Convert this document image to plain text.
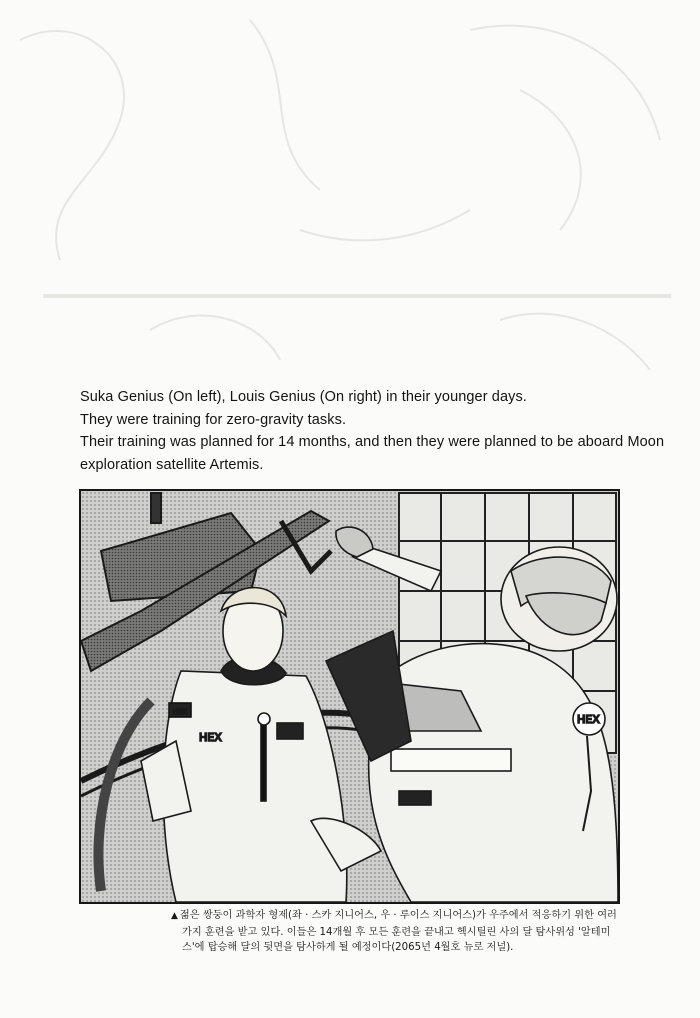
Suka Genius (On left), Louis Genius (On right) in their younger days.
They were training for zero-gravity tasks.
Their training was planned for 14 months, and then they were planned to be aboard Moon
exploration satellite Artemis.
HEX
HEX
HEX
▲ 젊은 쌍둥이 과학자 형제(좌 · 스카 지니어스, 우 · 루이스 지니어스)가 우주에서 적응하기 위한 여러
가지 훈련을 받고 있다. 이들은 14개월 후 모든 훈련을 끝내고 헥시틸린 사의 달 탐사위성 '알테미
스'에 탑승해 달의 뒷면을 탐사하게 될 예정이다(2065년 4월호 뉴로 저널).
